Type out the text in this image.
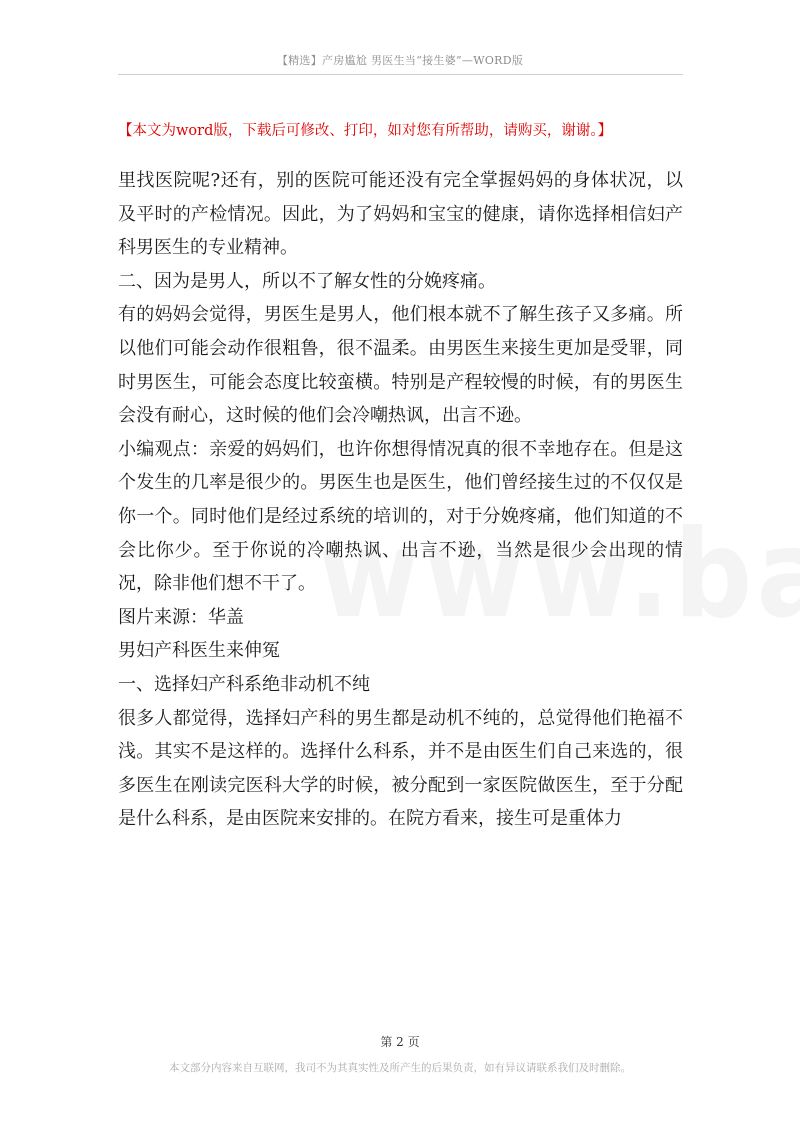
【精选】产房尴尬 男医生当“接生婆”—WORD版
【本文为word版，下载后可修改、打印，如对您有所帮助，请购买，谢谢。】

里找医院呢?还有，别的医院可能还没有完全掌握妈妈的身体状况，以及平时的产检情况。因此，为了妈妈和宝宝的健康，请你选择相信妇产科男医生的专业精神。

二、因为是男人，所以不了解女性的分娩疼痛。

有的妈妈会觉得，男医生是男人，他们根本就不了解生孩子又多痛。所以他们可能会动作很粗鲁，很不温柔。由男医生来接生更加是受罪，同时男医生，可能会态度比较蛮横。特别是产程较慢的时候，有的男医生会没有耐心，这时候的他们会冷嘲热讽，出言不逊。

小编观点：亲爱的妈妈们，也许你想得情况真的很不幸地存在。但是这个发生的几率是很少的。男医生也是医生，他们曾经接生过的不仅仅是你一个。同时他们是经过系统的培训的，对于分娩疼痛，他们知道的不会比你少。至于你说的冷嘲热讽、出言不逊，当然是很少会出现的情况，除非他们想不干了。

图片来源：华盖

男妇产科医生来伸冤

一、选择妇产科系绝非动机不纯

很多人都觉得，选择妇产科的男生都是动机不纯的，总觉得他们艳福不浅。其实不是这样的。选择什么科系，并不是由医生们自己来选的，很多医生在刚读完医科大学的时候，被分配到一家医院做医生，至于分配是什么科系，是由医院来安排的。在院方看来，接生可是重体力

第 2 页
本文部分内容来自互联网，我司不为其真实性及所产生的后果负责，如有异议请联系我们及时删除。
